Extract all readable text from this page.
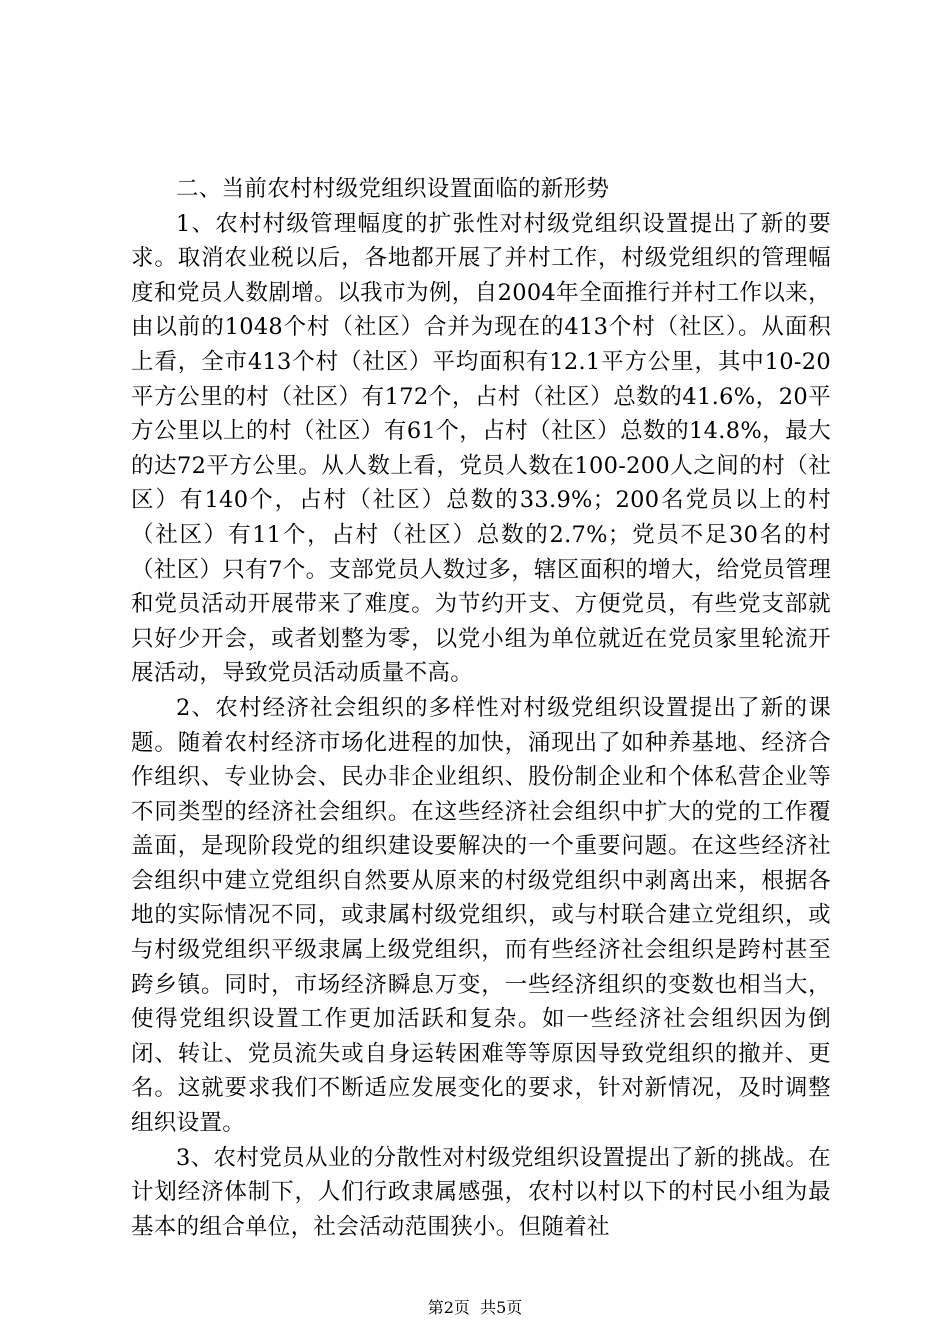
二、当前农村村级党组织设置面临的新形势

1、农村村级管理幅度的扩张性对村级党组织设置提出了新的要求。取消农业税以后，各地都开展了并村工作，村级党组织的管理幅度和党员人数剧增。以我市为例，自2004年全面推行并村工作以来，由以前的1048个村（社区）合并为现在的413个村（社区）。从面积上看，全市413个村（社区）平均面积有12.1平方公里，其中10-20平方公里的村（社区）有172个，占村（社区）总数的41.6%，20平方公里以上的村（社区）有61个，占村（社区）总数的14.8%，最大的达72平方公里。从人数上看，党员人数在100-200人之间的村（社区）有140个，占村（社区）总数的33.9%；200名党员以上的村（社区）有11个，占村（社区）总数的2.7%；党员不足30名的村（社区）只有7个。支部党员人数过多，辖区面积的增大，给党员管理和党员活动开展带来了难度。为节约开支、方便党员，有些党支部就只好少开会，或者划整为零，以党小组为单位就近在党员家里轮流开展活动，导致党员活动质量不高。

2、农村经济社会组织的多样性对村级党组织设置提出了新的课题。随着农村经济市场化进程的加快，涌现出了如种养基地、经济合作组织、专业协会、民办非企业组织、股份制企业和个体私营企业等不同类型的经济社会组织。在这些经济社会组织中扩大的党的工作覆盖面，是现阶段党的组织建设要解决的一个重要问题。在这些经济社会组织中建立党组织自然要从原来的村级党组织中剥离出来，根据各地的实际情况不同，或隶属村级党组织，或与村联合建立党组织，或与村级党组织平级隶属上级党组织，而有些经济社会组织是跨村甚至跨乡镇。同时，市场经济瞬息万变，一些经济组织的变数也相当大，使得党组织设置工作更加活跃和复杂。如一些经济社会组织因为倒闭、转让、党员流失或自身运转困难等等原因导致党组织的撤并、更名。这就要求我们不断适应发展变化的要求，针对新情况，及时调整组织设置。

3、农村党员从业的分散性对村级党组织设置提出了新的挑战。在计划经济体制下，人们行政隶属感强，农村以村以下的村民小组为最基本的组合单位，社会活动范围狭小。但随着社

第2页 共5页
